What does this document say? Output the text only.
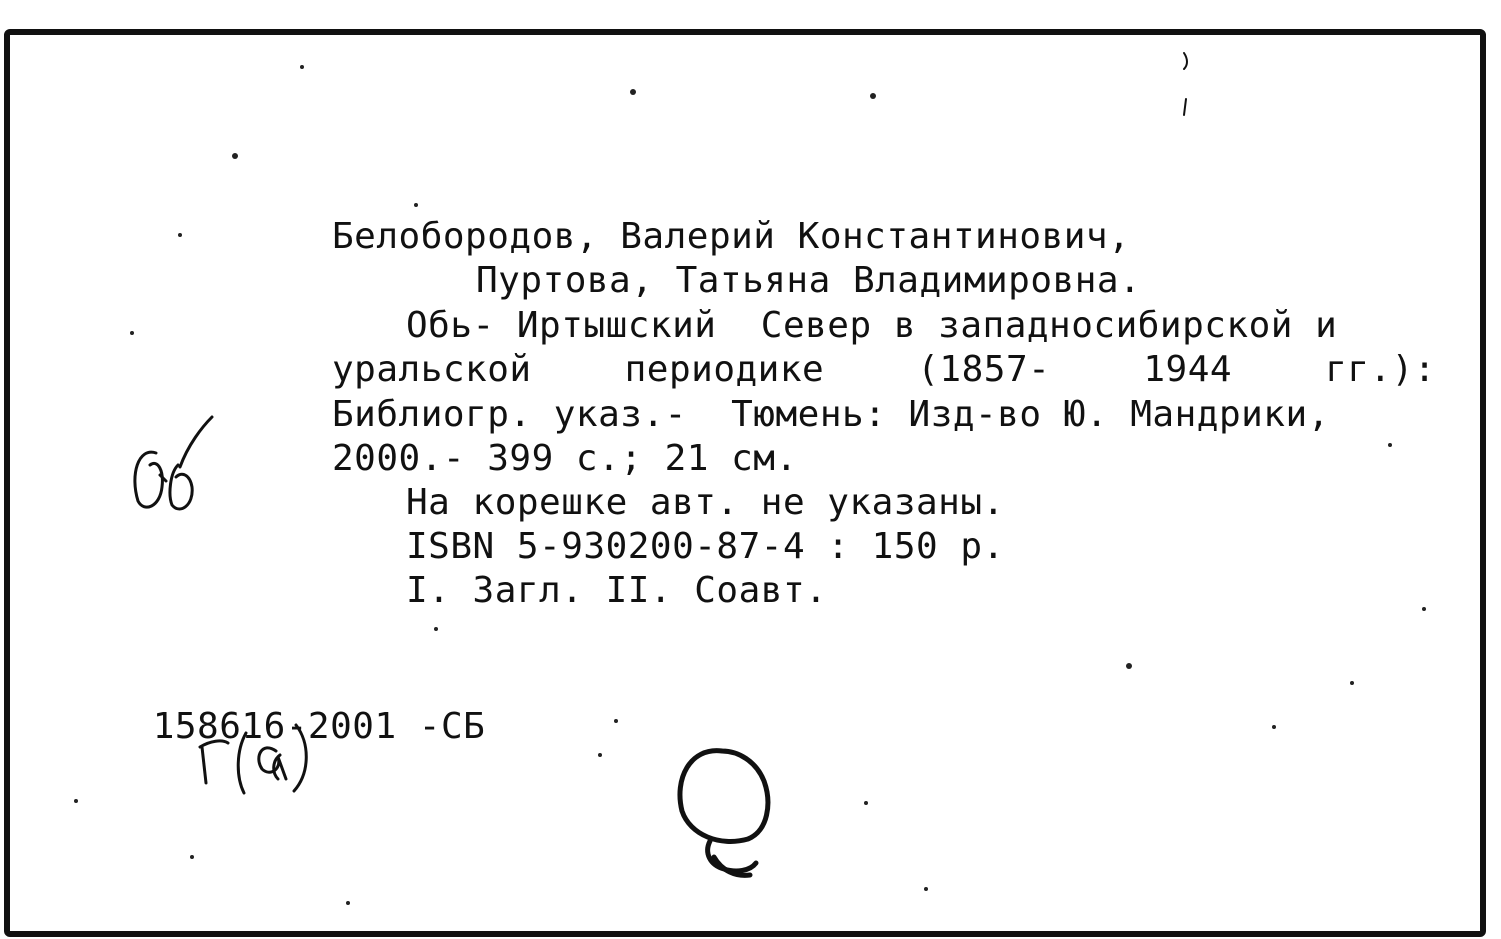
Белобородов, Валерий Константинович,
Пуртова, Татьяна Владимировна.
Обь- Иртышский  Север в западносибирской и
уральской	периодике	(1857-	1944	гг.):
Библиогр. указ.-  Тюмень: Изд-во Ю. Мандрики,
2000.- 399 с.; 21 см.
На корешке авт. не указаны.
ISBN 5-930200-87-4 : 150 р.
I. Загл. II. Соавт.

158616-2001 ‑СБ
